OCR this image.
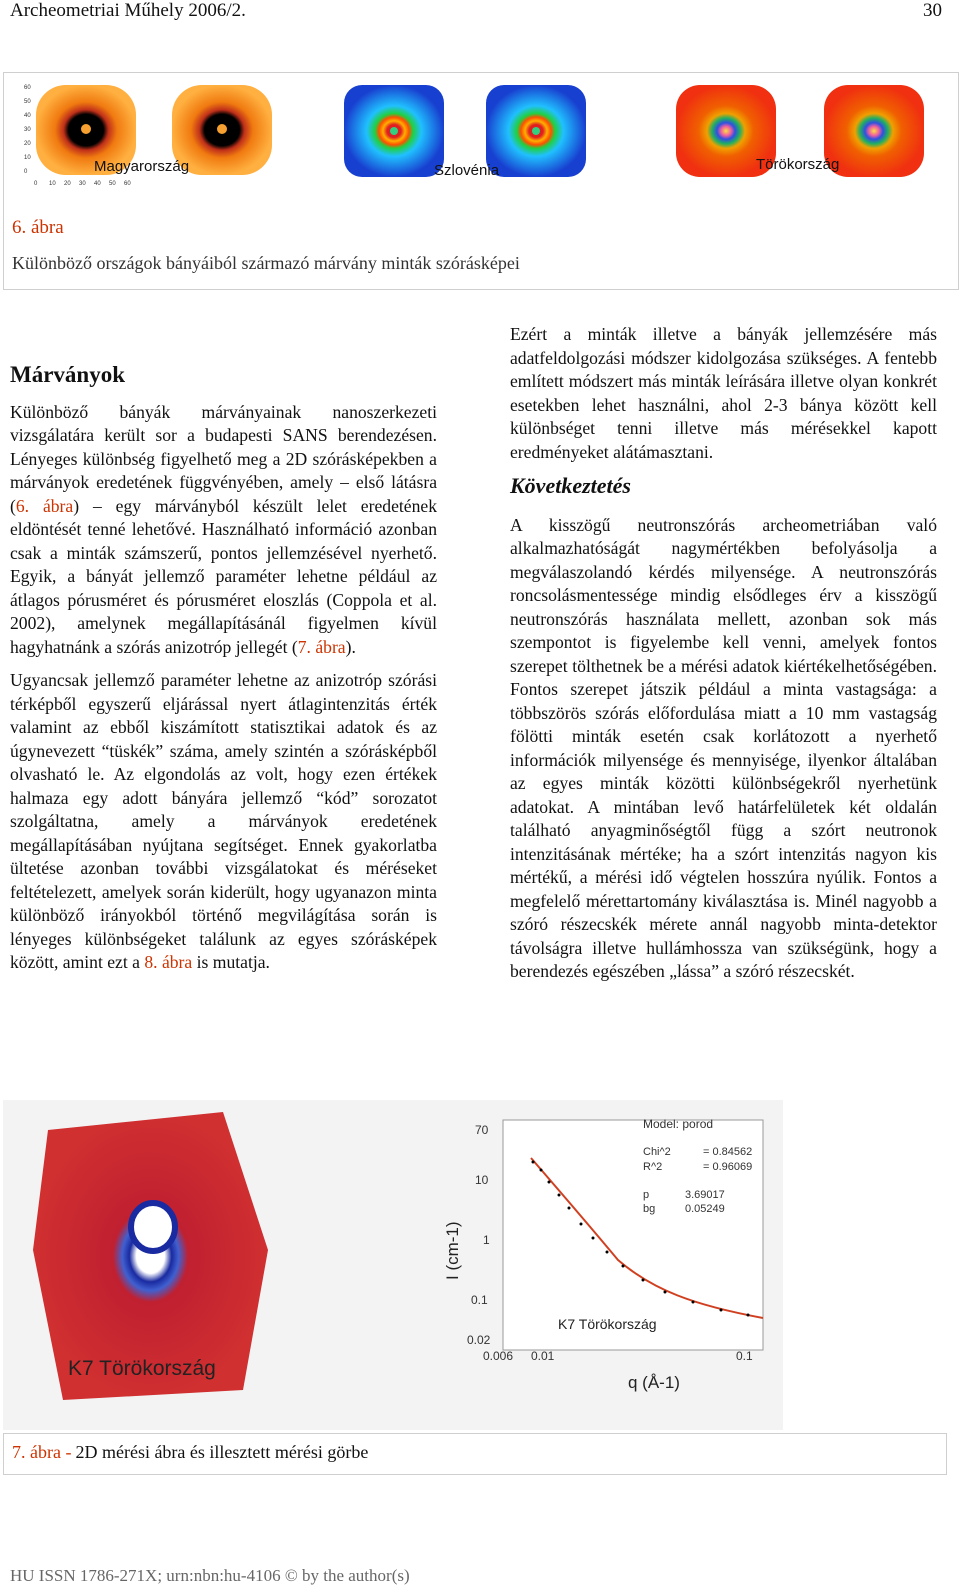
Archeometriai Műhely 2006/2.	30
60
50
40
30
20
10
0
0 10 20 30 40 50 60
Magyarország	Szlovénia	Törökország
6. ábra
Különböző országok bányáiból származó márvány minták szórásképei
Márványok

Különböző bányák márványainak nanoszerkezeti vizsgálatára került sor a budapesti SANS berendezésen. Lényeges különbség figyelhető meg a 2D szórásképekben a márványok eredetének függvényében, amely – első látásra (6. ábra) – egy márványból készült lelet eredetének eldöntését tenné lehetővé. Használható információ azonban csak a minták számszerű, pontos jellemzésével nyerhető. Egyik, a bányát jellemző paraméter lehetne például az átlagos pórusméret és pórusméret eloszlás (Coppola et al. 2002), amelynek megállapításánál figyelmen kívül hagyhatnánk a szórás anizotróp jellegét (7. ábra).

Ugyancsak jellemző paraméter lehetne az anizotróp szórási térképből egyszerű eljárással nyert átlagintenzitás érték valamint az ebből kiszámított statisztikai adatok és az úgynevezett “tüskék” száma, amely szintén a szórásképből olvasható le. Az elgondolás az volt, hogy ezen értékek halmaza egy adott bányára jellemző “kód” sorozatot szolgáltatna, amely a márványok eredetének megállapításában nyújtana segítséget. Ennek gyakorlatba ültetése azonban további vizsgálatokat és méréseket feltételezett, amelyek során kiderült, hogy ugyanazon minta különböző irányokból történő megvilágítása során is lényeges különbségeket találunk az egyes szórásképek között, amint ezt a 8. ábra is mutatja.

Ezért a minták illetve a bányák jellemzésére más adatfeldolgozási módszer kidolgozása szükséges. A fentebb említett módszert más minták leírására illetve olyan konkrét esetekben lehet használni, ahol 2-3 bánya között kell különbséget tenni illetve más mérésekkel kapott eredményeket alátámasztani.

Következtetés

A kisszögű neutronszórás archeometriában való alkalmazhatóságát nagymértékben befolyásolja a megválaszolandó kérdés milyensége. A neutronszórás roncsolásmentessége mindig elsődleges érv a kisszögű neutronszórás használata mellett, azonban sok más szempontot is figyelembe kell venni, amelyek fontos szerepet tölthetnek be a mérési adatok kiértékelhetőségében. Fontos szerepet játszik például a minta vastagsága: a többszörös szórás előfordulása miatt a 10 mm vastagság fölötti minták esetén csak korlátozott a nyerhető információk milyensége és mennyisége, ilyenkor általában az egyes minták közötti különbségekről nyerhetünk adatokat. A mintában levő határfelületek két oldalán található anyagminőségtől függ a szórt neutronok intenzitásának mértéke; ha a szórt intenzitás nagyon kis mértékű, a mérési idő végtelen hosszúra nyúlik. Fontos a megfelelő mérettartomány kiválasztása is. Minél nagyobb a szóró részecskék mérete annál nagyobb minta-detektor távolságra illetve hullámhossza van szükségünk, hogy a berendezés egészében „lássa” a szóró részecskét.

K7 Törökország
Model: porod
Chi^2	= 0.84562
R^2	= 0.96069
p	3.69017
bg	0.05249
70
10
1
0.1
0.02
0.006 0.01	0.1
I (cm-1)
q (Å-1)
K7 Törökország
7. ábra - 2D mérési ábra és illesztett mérési görbe
HU ISSN 1786-271X; urn:nbn:hu-4106 © by the author(s)
